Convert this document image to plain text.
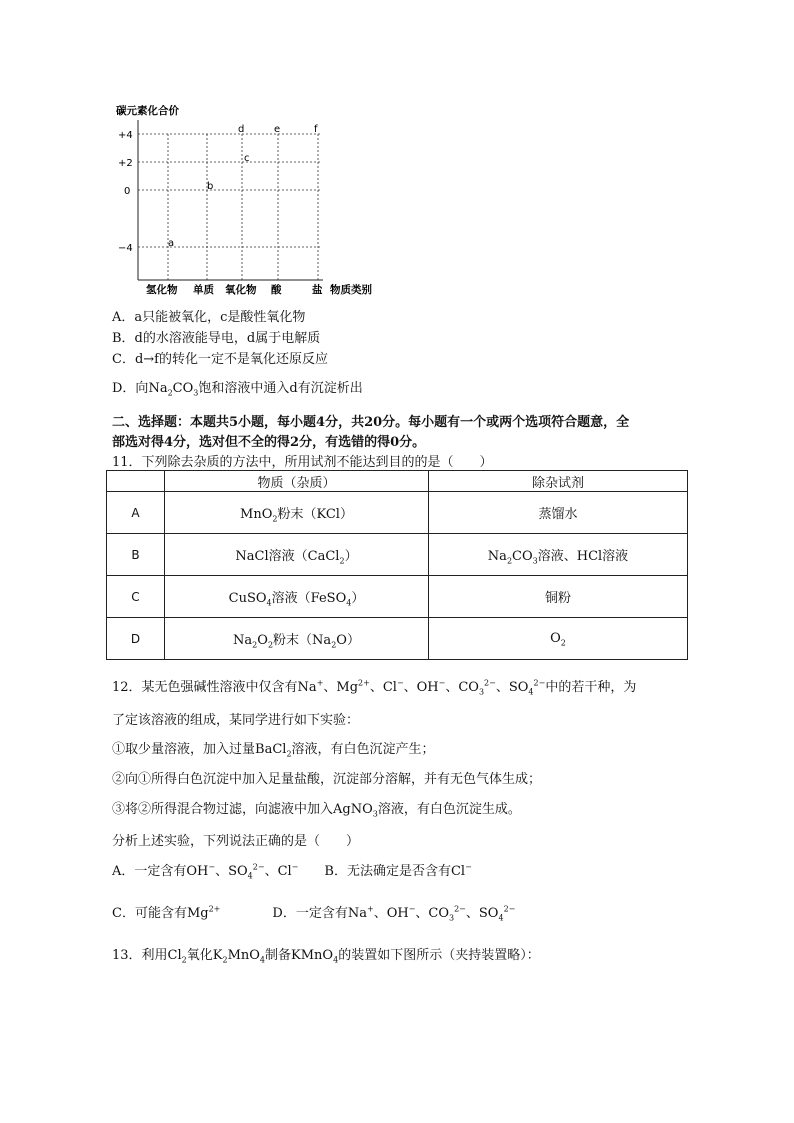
碳元素化合价
+4
+2
0
−4	a
b
c
d	e	f
氢化物 单质 氧化物 酸	盐 物质类别
A．a只能被氧化，c是酸性氧化物
B．d的水溶液能导电，d属于电解质
C．d→f的转化一定不是氧化还原反应
D．向$Na_2CO_3$饱和溶液中通入d有沉淀析出
二、选择题：本题共5小题，每小题4分，共20分。每小题有一个或两个选项符合题意，全
部选对得4分，选对但不全的得2分，有选错的得0分。
11．下列除去杂质的方法中，所用试剂不能达到目的的是（　　）
	物质（杂质）	除杂试剂
A	MnO$_2$粉末（KCl）	蒸馏水
B	NaCl溶液（CaCl$_2$）	$Na_2CO_3$溶液、HCl溶液
C	CuSO$_4$溶液（FeSO$_4$）	铜粉
D	$Na_2O_2$粉末$(Na_2O)$	$O_2$
12．某无色强碱性溶液中仅含有Na+、$Mg^{2+}$、Cl−、OH−、$CO_3^{2-}$、$SO_4^{2-}$中的若干种，为
了定该溶液的组成，某同学进行如下实验：
①取少量溶液，加入过量BaCl$_2$溶液，有白色沉淀产生；
②向①所得白色沉淀中加入足量盐酸，沉淀部分溶解，并有无色气体生成；
③将②所得混合物过滤，向滤液中加入AgNO$_3$溶液，有白色沉淀生成。
分析上述实验，下列说法正确的是（　　）
A．一定含有OH−、$SO_4^{2-}$、Cl−　　 B．无法确定是否含有Cl−
C．可能含有$Mg^{2+}$　　　　	D．一定含有Na+、OH−、$CO_3^{2-}$、$SO_4^{2-}$
13．利用$Cl_2$氧化$K_2MnO_4$制备KMnO$_4$的装置如下图所示（夹持装置略）：
